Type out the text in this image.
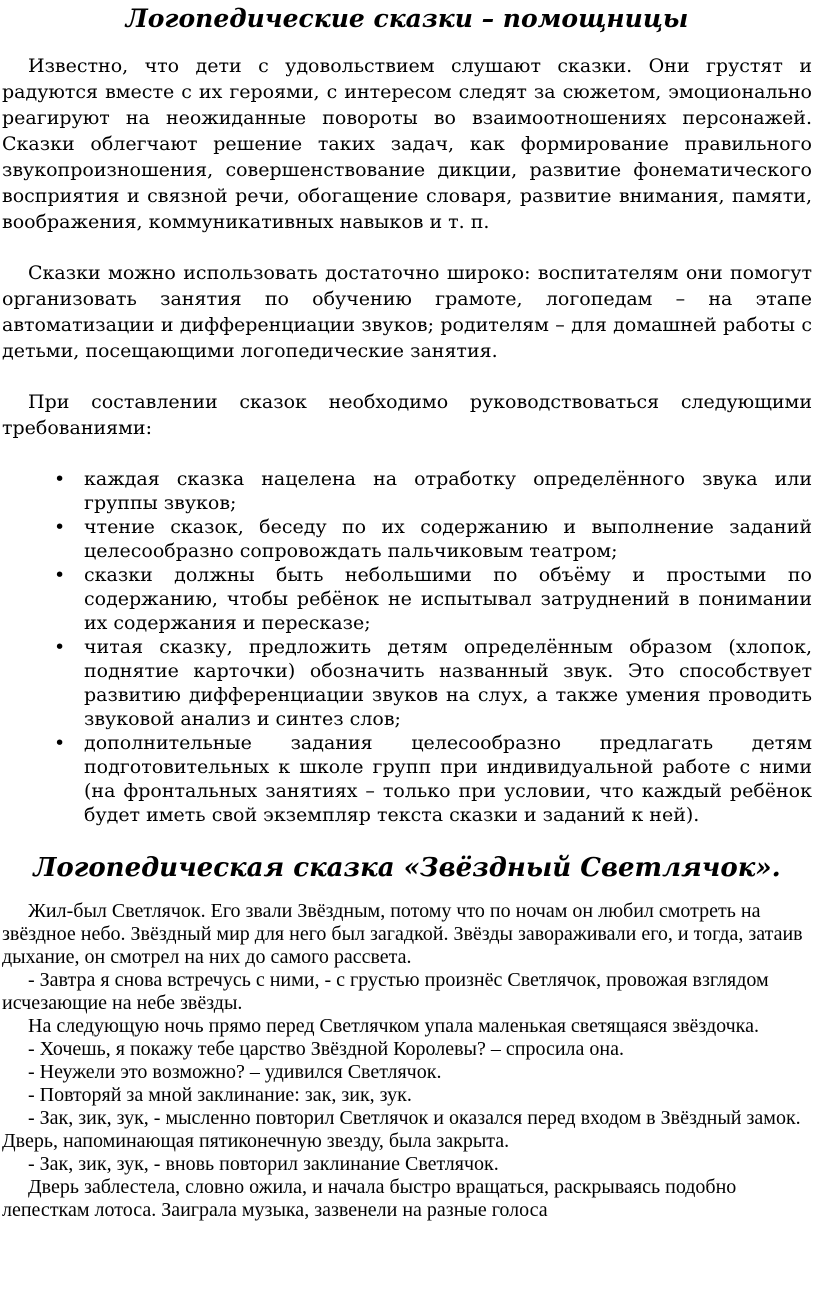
Логопедические сказки – помощницы

Известно, что дети с удовольствием слушают сказки. Они грустят и радуются вместе с их героями, с интересом следят за сюжетом, эмоционально реагируют на неожиданные повороты во взаимоотношениях персонажей. Сказки облегчают решение таких задач, как формирование правильного звукопроизношения, совершенствование дикции, развитие фонематического восприятия и связной речи, обогащение словаря, развитие внимания, памяти, воображения, коммуникативных навыков и т. п.

Сказки можно использовать достаточно широко: воспитателям они помогут организовать занятия по обучению грамоте, логопедам – на этапе автоматизации и дифференциации звуков; родителям – для домашней работы с детьми, посещающими логопедические занятия.

При составлении сказок необходимо руководствоваться следующими требованиями:

• каждая сказка нацелена на отработку определённого звука или группы звуков;
• чтение сказок, беседу по их содержанию и выполнение заданий целесообразно сопровождать пальчиковым театром;
• сказки должны быть небольшими по объёму и простыми по содержанию, чтобы ребёнок не испытывал затруднений в понимании их содержания и пересказе;
• читая сказку, предложить детям определённым образом (хлопок, поднятие карточки) обозначить названный звук. Это способствует развитию дифференциации звуков на слух, а также умения проводить звуковой анализ и синтез слов;
• дополнительные задания целесообразно предлагать детям подготовительных к школе групп при индивидуальной работе с ними (на фронтальных занятиях – только при условии, что каждый ребёнок будет иметь свой экземпляр текста сказки и заданий к ней).
Логопедическая сказка «Звёздный Светлячок».

Жил-был Светлячок. Его звали Звёздным, потому что по ночам он любил смотреть на звёздное небо. Звёздный мир для него был загадкой. Звёзды завораживали его, и тогда, затаив дыхание, он смотрел на них до самого рассвета.

- Завтра я снова встречусь с ними, - с грустью произнёс Светлячок, провожая взглядом исчезающие на небе звёзды.

На следующую ночь прямо перед Светлячком упала маленькая светящаяся звёздочка.

- Хочешь, я покажу тебе царство Звёздной Королевы? – спросила она.

- Неужели это возможно? – удивился Светлячок.

- Повторяй за мной заклинание: зак, зик, зук.

- Зак, зик, зук, - мысленно повторил Светлячок и оказался перед входом в Звёздный замок. Дверь, напоминающая пятиконечную звезду, была закрыта.

- Зак, зик, зук, - вновь повторил заклинание Светлячок.

Дверь заблестела, словно ожила, и начала быстро вращаться, раскрываясь подобно лепесткам лотоса. Заиграла музыка, зазвенели на разные голоса
